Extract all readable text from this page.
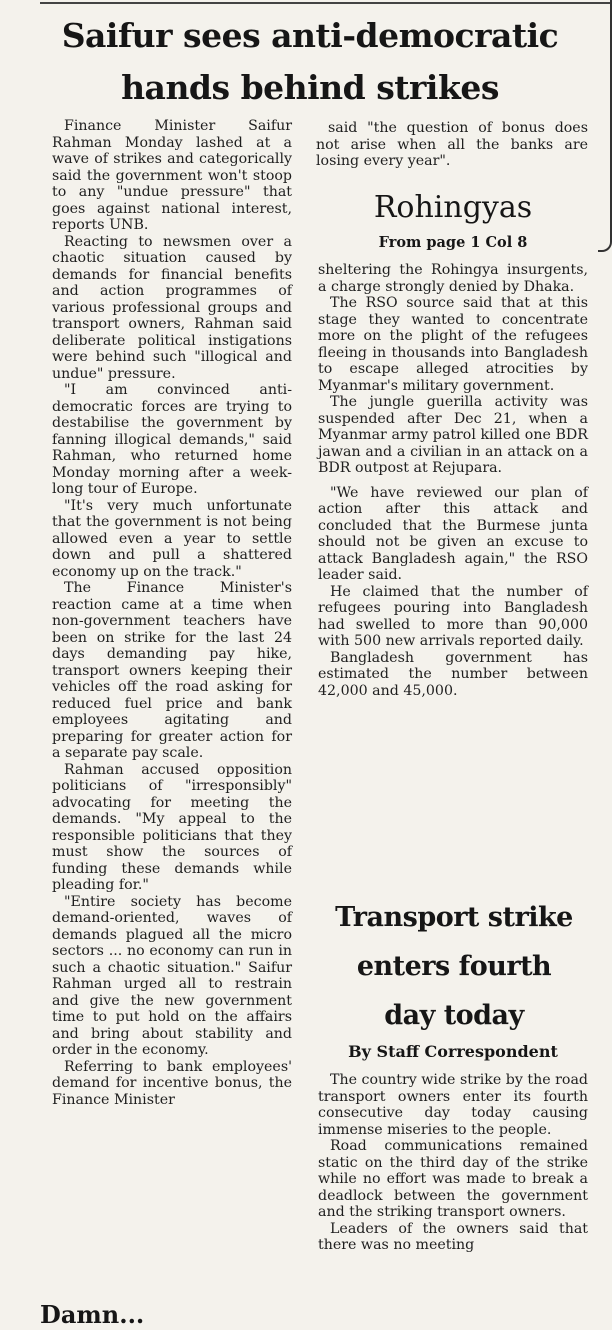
Saifur sees anti-democratic
hands behind strikes

Finance Minister Saifur Rahman Monday lashed at a wave of strikes and categorically said the government won't stoop to any "undue pressure" that goes against national interest, reports UNB.

Reacting to newsmen over a chaotic situation caused by demands for financial benefits and action programmes of various professional groups and transport owners, Rahman said deliberate political instigations were behind such "illogical and undue" pressure.

"I am convinced anti-democratic forces are trying to destabilise the government by fanning illogical demands," said Rahman, who returned home Monday morning after a week-long tour of Europe.

"It's very much unfortunate that the government is not being allowed even a year to settle down and pull a shattered economy up on the track."

The Finance Minister's reaction came at a time when non-government teachers have been on strike for the last 24 days demanding pay hike, transport owners keeping their vehicles off the road asking for reduced fuel price and bank employees agitating and preparing for greater action for a separate pay scale.

Rahman accused opposition politicians of "irresponsibly" advocating for meeting the demands. "My appeal to the responsible politicians that they must show the sources of funding these demands while pleading for."

"Entire society has become demand-oriented, waves of demands plagued all the micro sectors ... no economy can run in such a chaotic situation." Saifur Rahman urged all to restrain and give the new government time to put hold on the affairs and bring about stability and order in the economy.

Referring to bank employees' demand for incentive bonus, the Finance Minister

said "the question of bonus does not arise when all the banks are losing every year".

Rohingyas
From page 1 Col 8

sheltering the Rohingya insurgents, a charge strongly denied by Dhaka.

The RSO source said that at this stage they wanted to concentrate more on the plight of the refugees fleeing in thousands into Bangladesh to escape alleged atrocities by Myanmar's military government.

The jungle guerilla activity was suspended after Dec 21, when a Myanmar army patrol killed one BDR jawan and a civilian in an attack on a BDR outpost at Rejupara.

"We have reviewed our plan of action after this attack and concluded that the Burmese junta should not be given an excuse to attack Bangladesh again," the RSO leader said.

He claimed that the number of refugees pouring into Bangladesh had swelled to more than 90,000 with 500 new arrivals reported daily.

Bangladesh government has estimated the number between 42,000 and 45,000.

Transport strike
enters fourth
day today
By Staff Correspondent

The country wide strike by the road transport owners enter its fourth consecutive day today causing immense miseries to the people.

Road communications remained static on the third day of the strike while no effort was made to break a deadlock between the government and the striking transport owners.

Leaders of the owners said that there was no meeting

Damn...
